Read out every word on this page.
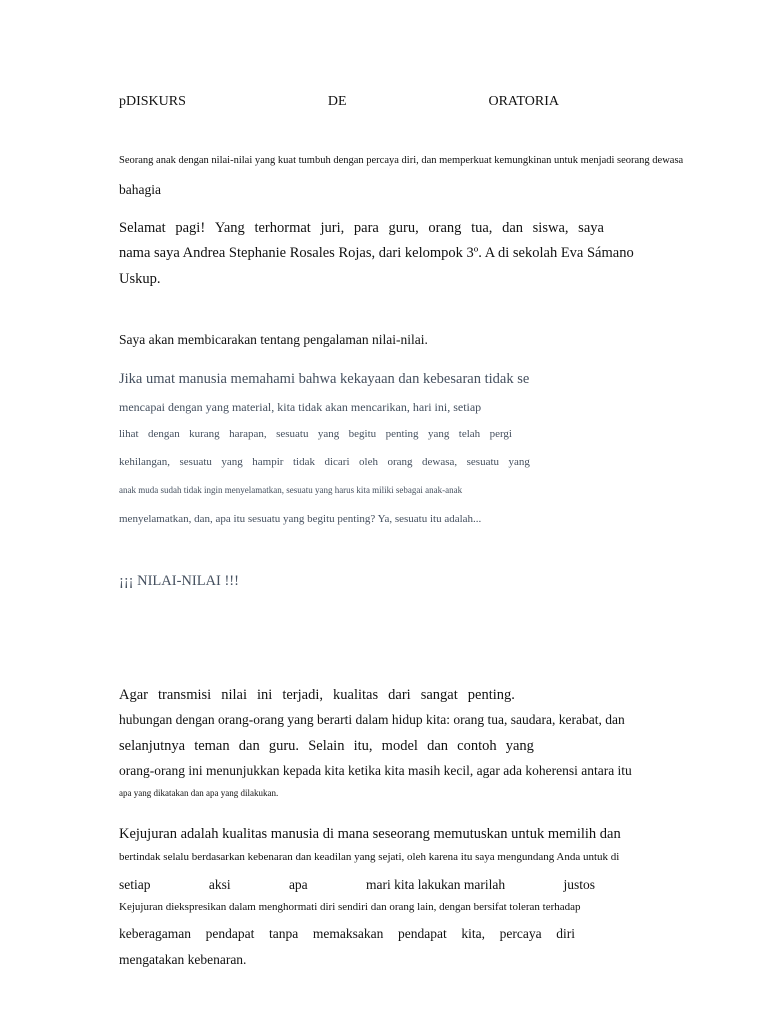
pDISKURS	DE	ORATORIA
Seorang anak dengan nilai-nilai yang kuat tumbuh dengan percaya diri, dan memperkuat kemungkinan untuk menjadi seorang dewasa
bahagia
Selamat pagi! Yang terhormat juri, para guru, orang tua, dan siswa, saya
nama saya Andrea Stephanie Rosales Rojas, dari kelompok 3º. A di sekolah Eva Sámano
Uskup.
Saya akan membicarakan tentang pengalaman nilai-nilai.
Jika umat manusia memahami bahwa kekayaan dan kebesaran tidak se
mencapai dengan yang material, kita tidak akan mencarikan, hari ini, setiap
lihat dengan kurang harapan, sesuatu yang begitu penting yang telah pergi
kehilangan, sesuatu yang hampir tidak dicari oleh orang dewasa, sesuatu yang
anak muda sudah tidak ingin menyelamatkan, sesuatu yang harus kita miliki sebagai anak-anak
menyelamatkan, dan, apa itu sesuatu yang begitu penting? Ya, sesuatu itu adalah...
¡¡¡ NILAI-NILAI !!!
Agar transmisi nilai ini terjadi, kualitas dari sangat penting.
hubungan dengan orang-orang yang berarti dalam hidup kita: orang tua, saudara, kerabat, dan
selanjutnya teman dan guru. Selain itu, model dan contoh yang
orang-orang ini menunjukkan kepada kita ketika kita masih kecil, agar ada koherensi antara itu
apa yang dikatakan dan apa yang dilakukan.
Kejujuran adalah kualitas manusia di mana seseorang memutuskan untuk memilih dan
bertindak selalu berdasarkan kebenaran dan keadilan yang sejati, oleh karena itu saya mengundang Anda untuk di
setiap	aksi	apa	mari kita lakukan marilah	justos
Kejujuran diekspresikan dalam menghormati diri sendiri dan orang lain, dengan bersifat toleran terhadap
keberagaman pendapat tanpa memaksakan pendapat kita, percaya diri
mengatakan kebenaran.
